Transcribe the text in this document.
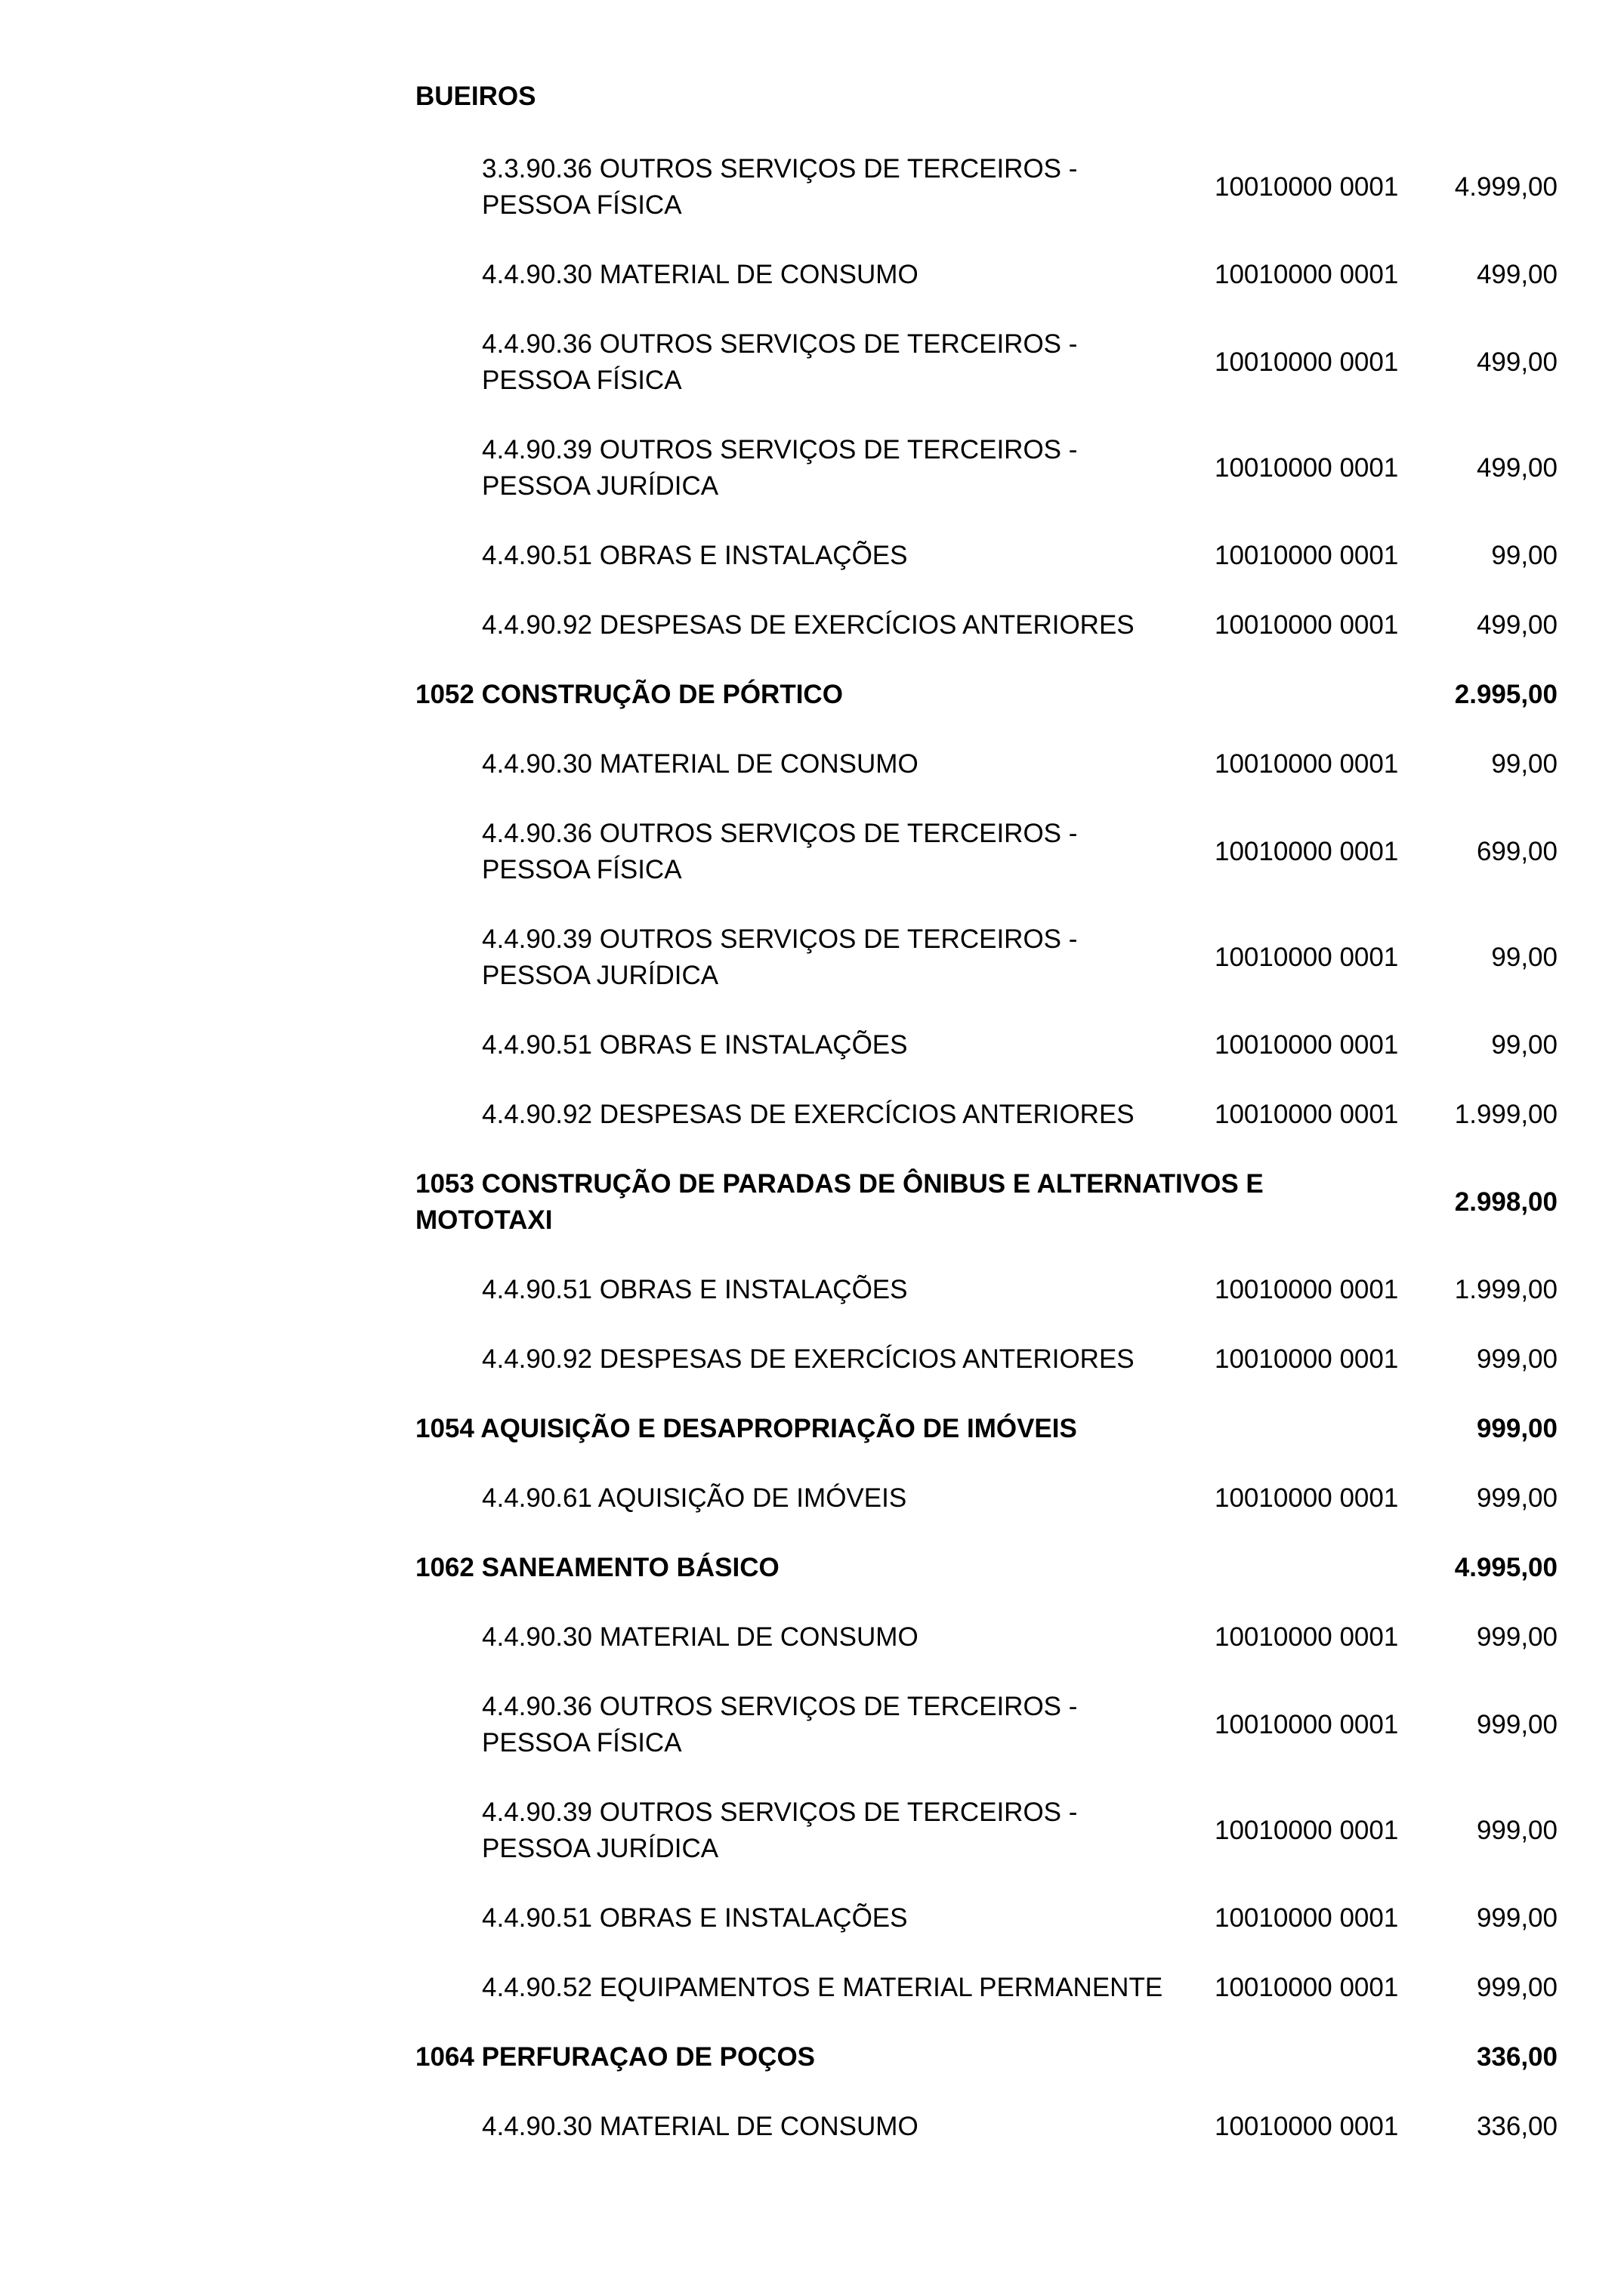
BUEIROS
3.3.90.36 OUTROS SERVIÇOS DE TERCEIROS -
PESSOA FÍSICA
10010000 0001	4.999,00
4.4.90.30 MATERIAL DE CONSUMO	10010000 0001	499,00
4.4.90.36 OUTROS SERVIÇOS DE TERCEIROS -
PESSOA FÍSICA
10010000 0001	499,00
4.4.90.39 OUTROS SERVIÇOS DE TERCEIROS -
PESSOA JURÍDICA
10010000 0001	499,00
4.4.90.51 OBRAS E INSTALAÇÕES	10010000 0001	99,00
4.4.90.92 DESPESAS DE EXERCÍCIOS ANTERIORES	10010000 0001	499,00
1052 CONSTRUÇÃO DE PÓRTICO	2.995,00
4.4.90.30 MATERIAL DE CONSUMO	10010000 0001	99,00
4.4.90.36 OUTROS SERVIÇOS DE TERCEIROS -
PESSOA FÍSICA
10010000 0001	699,00
4.4.90.39 OUTROS SERVIÇOS DE TERCEIROS -
PESSOA JURÍDICA
10010000 0001	99,00
4.4.90.51 OBRAS E INSTALAÇÕES	10010000 0001	99,00
4.4.90.92 DESPESAS DE EXERCÍCIOS ANTERIORES	10010000 0001	1.999,00
1053 CONSTRUÇÃO DE PARADAS DE ÔNIBUS E ALTERNATIVOS E
MOTOTAXI
2.998,00
4.4.90.51 OBRAS E INSTALAÇÕES	10010000 0001	1.999,00
4.4.90.92 DESPESAS DE EXERCÍCIOS ANTERIORES	10010000 0001	999,00
1054 AQUISIÇÃO E DESAPROPRIAÇÃO DE IMÓVEIS	999,00
4.4.90.61 AQUISIÇÃO DE IMÓVEIS	10010000 0001	999,00
1062 SANEAMENTO BÁSICO	4.995,00
4.4.90.30 MATERIAL DE CONSUMO	10010000 0001	999,00
4.4.90.36 OUTROS SERVIÇOS DE TERCEIROS -
PESSOA FÍSICA
10010000 0001	999,00
4.4.90.39 OUTROS SERVIÇOS DE TERCEIROS -
PESSOA JURÍDICA
10010000 0001	999,00
4.4.90.51 OBRAS E INSTALAÇÕES	10010000 0001	999,00
4.4.90.52 EQUIPAMENTOS E MATERIAL PERMANENTE	10010000 0001	999,00
1064 PERFURAÇAO DE POÇOS	336,00
4.4.90.30 MATERIAL DE CONSUMO	10010000 0001	336,00
